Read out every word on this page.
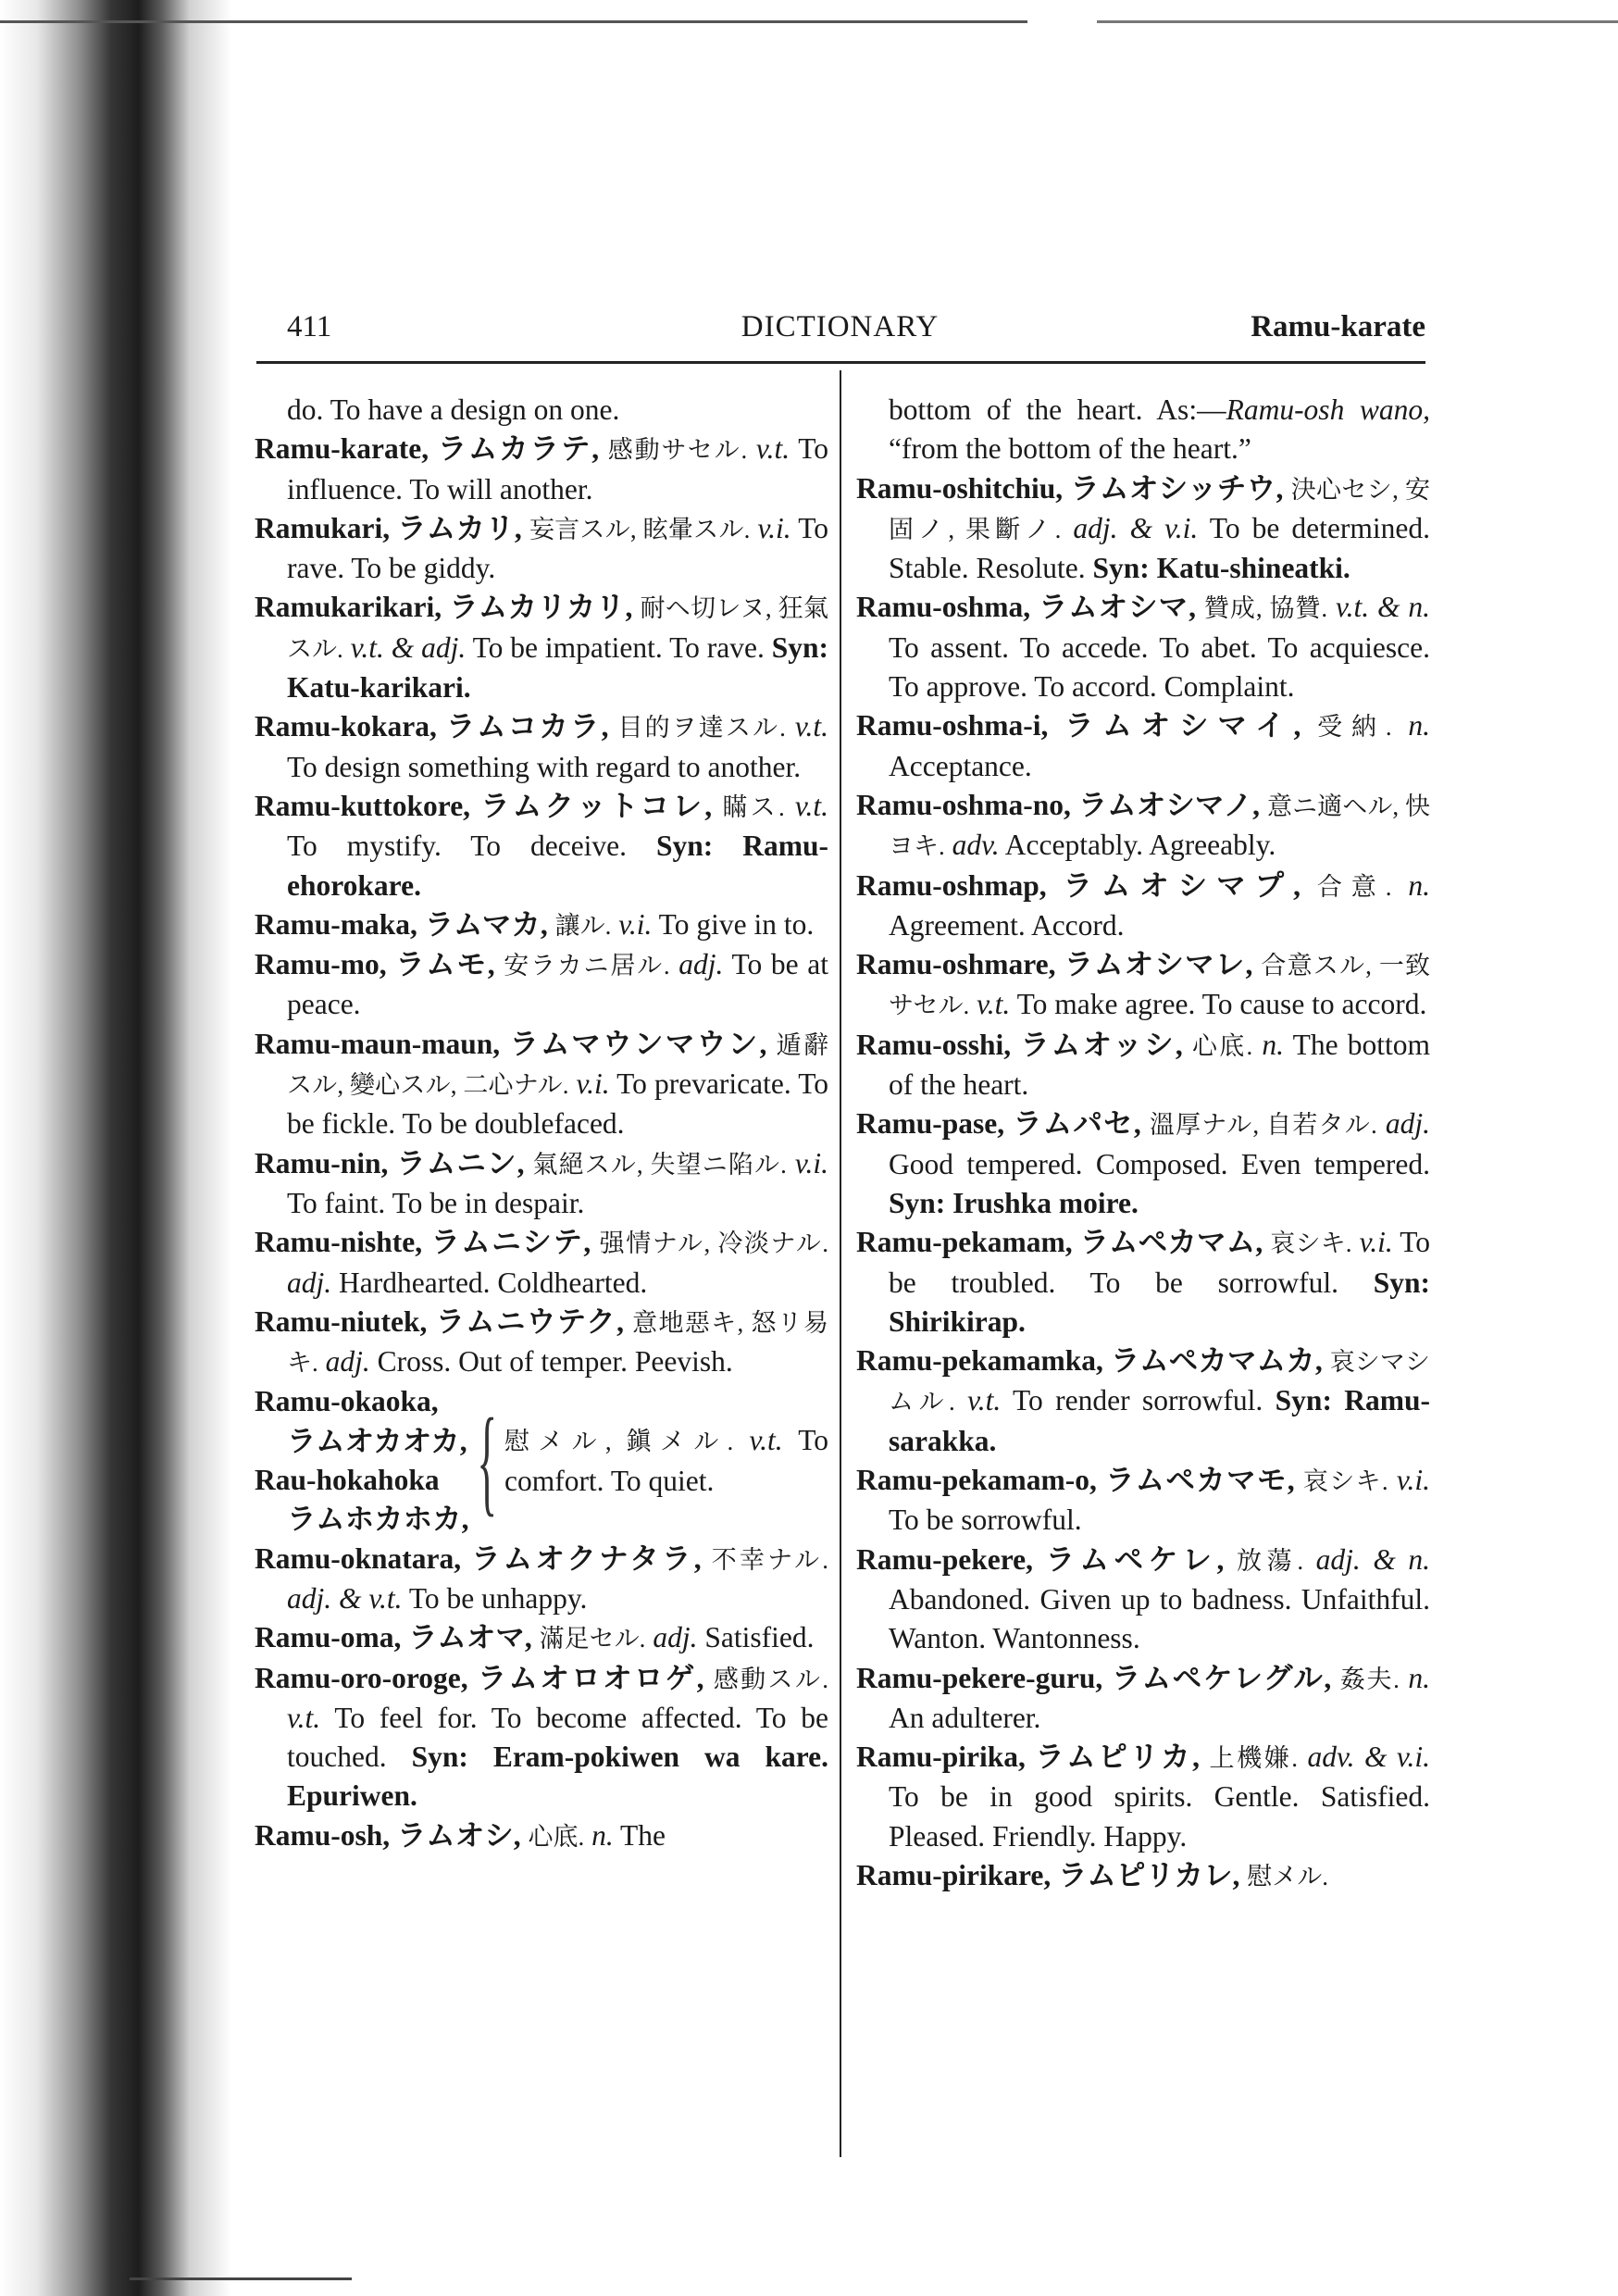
411	DICTIONARY	Ramu-karate
do. To have a design on one.
Ramu-karate, ラムカラテ, 感動サセル. v.t. To influence. To will another.
Ramukari, ラムカリ, 妄言スル, 眩暈スル. v.i. To rave. To be giddy.
Ramukarikari, ラムカリカリ, 耐ヘ切レヌ, 狂氣スル. v.t. & adj. To be impatient. To rave. Syn: Katu-karikari.
Ramu-kokara, ラムコカラ, 目的ヲ達スル. v.t. To design something with regard to another.
Ramu-kuttokore, ラムクットコレ, 瞞ス. v.t. To mystify. To deceive. Syn: Ramu-ehorokare.
Ramu-maka, ラムマカ, 讓ル. v.i. To give in to.
Ramu-mo, ラムモ, 安ラカニ居ル. adj. To be at peace.
Ramu-maun-maun, ラムマウンマウン, 遁辭スル, 變心スル, 二心ナル. v.i. To prevaricate. To be fickle. To be doublefaced.
Ramu-nin, ラムニン, 氣絕スル, 失望ニ陷ル. v.i. To faint. To be in despair.
Ramu-nishte, ラムニシテ, 强情ナル, 冷淡ナル. adj. Hardhearted. Coldhearted.
Ramu-niutek, ラムニウテク, 意地惡キ, 怒リ易キ. adj. Cross. Out of temper. Peevish.
Ramu-okaoka,
ラムオカオカ,
Rau-hokahoka
ラムホカホカ, { 慰メル, 鎭メル. v.t. To comfort. To quiet.
Ramu-oknatara, ラムオクナタラ, 不幸ナル. adj. & v.t. To be unhappy.
Ramu-oma, ラムオマ, 滿足セル. adj. Satisfied.
Ramu-oro-oroge, ラムオロオロゲ, 感動スル. v.t. To feel for. To become affected. To be touched. Syn: Eram-pokiwen wa kare. Epuriwen.
Ramu-osh, ラムオシ, 心底. n. The
bottom of the heart. As:—Ramu-osh wano, “from the bottom of the heart.”
Ramu-oshitchiu, ラムオシッチウ, 決心セシ, 安固ノ, 果斷ノ. adj. & v.i. To be determined. Stable. Resolute. Syn: Katu-shineatki.
Ramu-oshma, ラムオシマ, 贊成, 協贊. v.t. & n. To assent. To accede. To abet. To acquiesce. To approve. To accord. Complaint.
Ramu-oshma-i, ラムオシマイ, 受納. n. Acceptance.
Ramu-oshma-no, ラムオシマノ, 意ニ適ヘル, 快ヨキ. adv. Acceptably. Agreeably.
Ramu-oshmap, ラムオシマプ, 合意. n. Agreement. Accord.
Ramu-oshmare, ラムオシマレ, 合意スル, 一致サセル. v.t. To make agree. To cause to accord.
Ramu-osshi, ラムオッシ, 心底. n. The bottom of the heart.
Ramu-pase, ラムパセ, 溫厚ナル, 自若タル. adj. Good tempered. Composed. Even tempered. Syn: Irushka moire.
Ramu-pekamam, ラムペカマム, 哀シキ. v.i. To be troubled. To be sorrowful. Syn: Shirikirap.
Ramu-pekamamka, ラムペカマムカ, 哀シマシムル. v.t. To render sorrowful. Syn: Ramu-sarakka.
Ramu-pekamam-o, ラムペカマモ, 哀シキ. v.i. To be sorrowful.
Ramu-pekere, ラムペケレ, 放蕩. adj. & n. Abandoned. Given up to badness. Unfaithful. Wanton. Wantonness.
Ramu-pekere-guru, ラムペケレグル, 姦夫. n. An adulterer.
Ramu-pirika, ラムピリカ, 上機嫌. adv. & v.i. To be in good spirits. Gentle. Satisfied. Pleased. Friendly. Happy.
Ramu-pirikare, ラムピリカレ, 慰メル.
